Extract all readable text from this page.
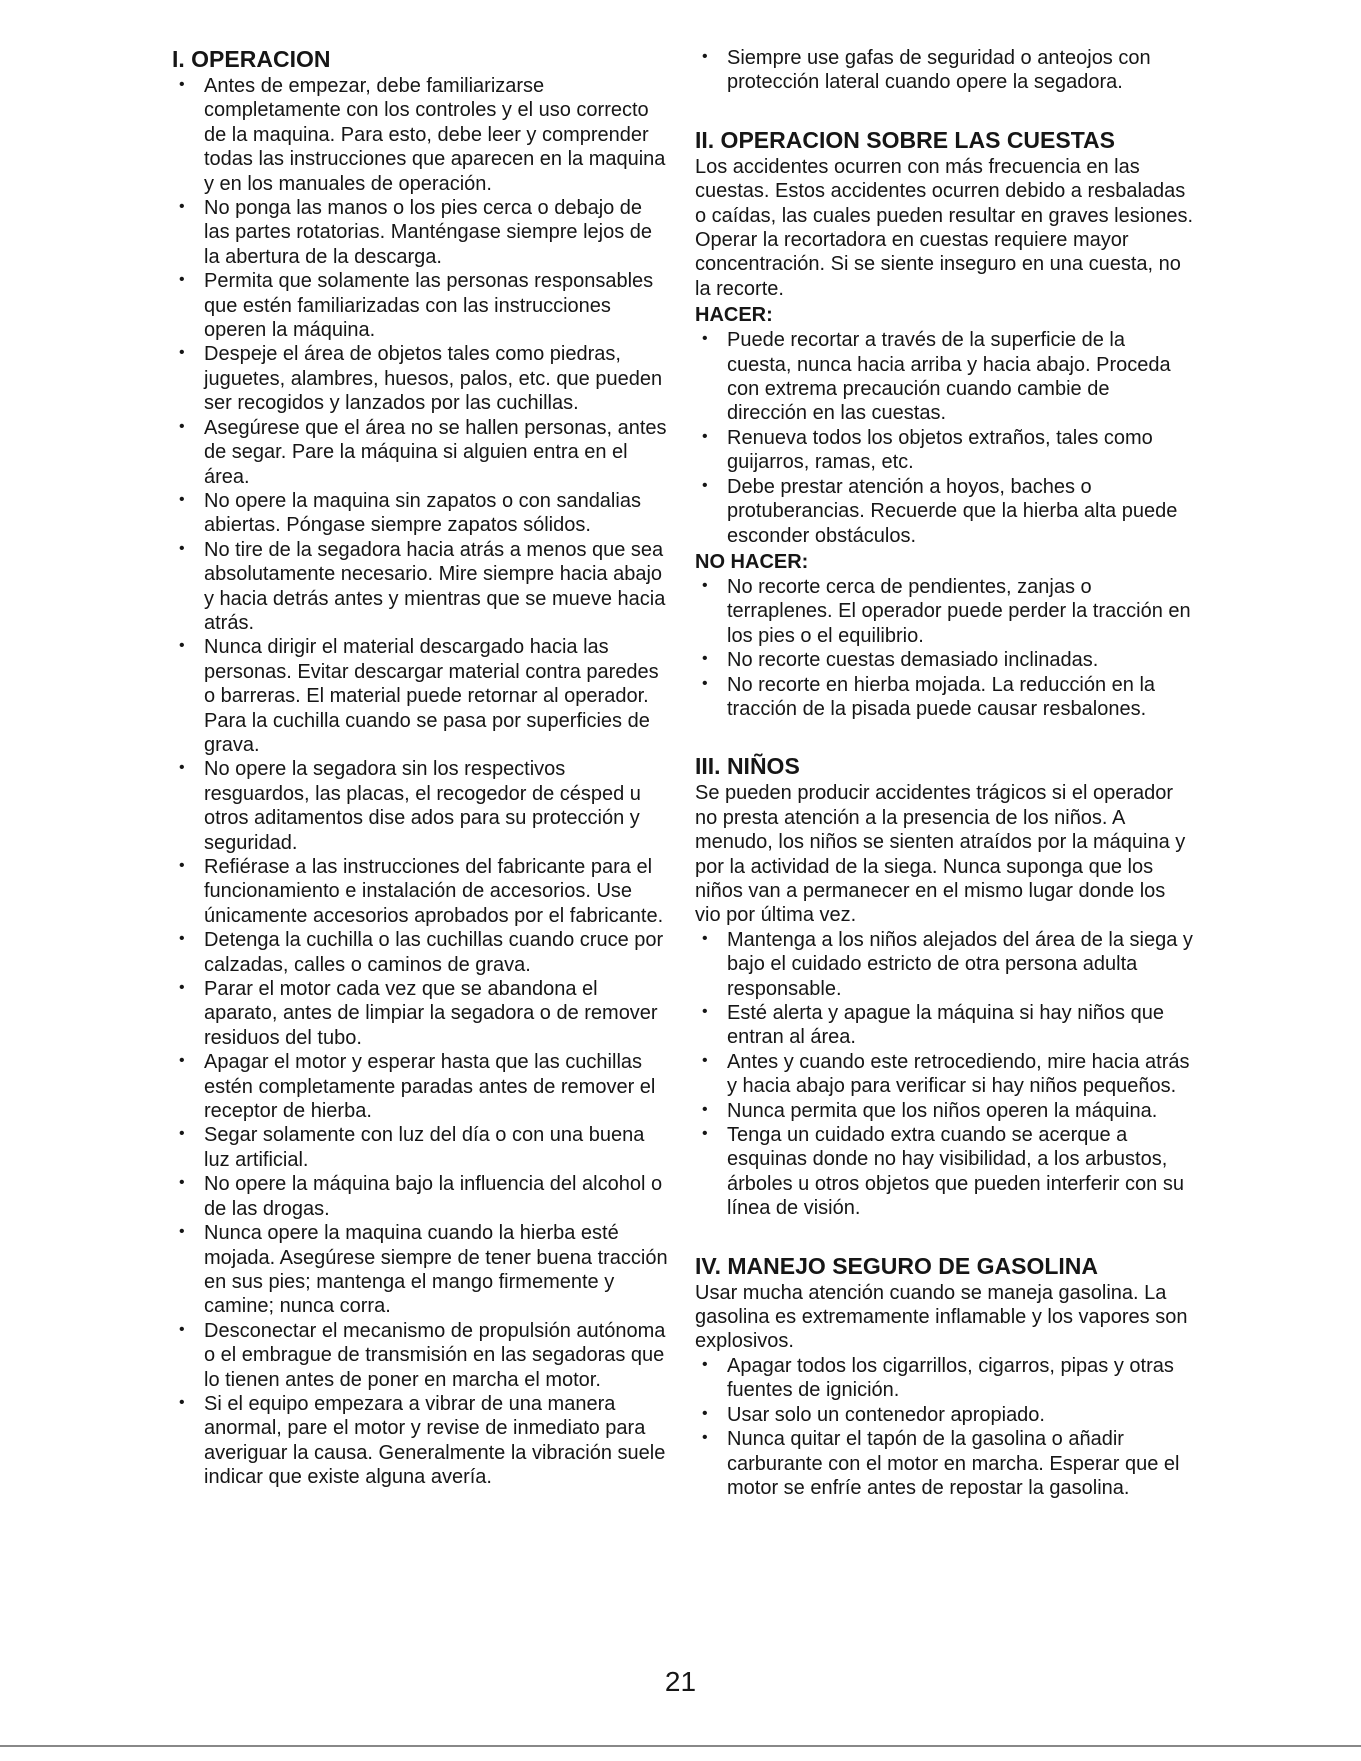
I. OPERACION
• Antes de empezar, debe familiarizarse completamente con los controles y el uso correcto de la maquina. Para esto, debe leer y comprender todas las instrucciones que aparecen en la maquina y en los manuales de operación.
• No ponga las manos o los pies cerca o debajo de las partes rotatorias. Manténgase siempre lejos de la abertura de la descarga.
• Permita que solamente las personas responsables que estén familiarizadas con las instrucciones operen la máquina.
• Despeje el área de objetos tales como piedras, juguetes, alambres, huesos, palos, etc. que pueden ser recogidos y lanzados por las cuchillas.
• Asegúrese que el área no se hallen personas, antes de segar. Pare la máquina si alguien entra en el área.
• No opere la maquina sin zapatos o con sandalias abiertas. Póngase siempre zapatos sólidos.
• No tire de la segadora hacia atrás a menos que sea absolutamente necesario. Mire siempre hacia abajo y hacia detrás antes y mientras que se mueve hacia atrás.
• Nunca dirigir el material descargado hacia las personas. Evitar descargar material contra paredes o barreras. El material puede retornar al operador. Para la cuchilla cuando se pasa por superficies de grava.
• No opere la segadora sin los respectivos resguardos, las placas, el recogedor de césped u otros aditamentos dise ados para su protección y seguridad.
• Refiérase a las instrucciones del fabricante para el funcionamiento e instalación de accesorios. Use únicamente accesorios aprobados por el fabricante.
• Detenga la cuchilla o las cuchillas cuando cruce por calzadas, calles o caminos de grava.
• Parar el motor cada vez que se abandona el aparato, antes de limpiar la segadora o de remover residuos del tubo.
• Apagar el motor y esperar hasta que las cuchillas estén completamente paradas antes de remover el receptor de hierba.
• Segar solamente con luz del día o con una buena luz artificial.
• No opere la máquina bajo la influencia del alcohol o de las drogas.
• Nunca opere la maquina cuando la hierba esté mojada. Asegúrese siempre de tener buena tracción en sus pies; mantenga el mango firmemente y camine; nunca corra.
• Desconectar el mecanismo de propulsión autónoma o el embrague de transmisión en las segadoras que lo tienen antes de poner en marcha el motor.
• Si el equipo empezara a vibrar de una manera anormal, pare el motor y revise de inmediato para averiguar la causa. Generalmente la vibración suele indicar que existe alguna avería.
• Siempre use gafas de seguridad o anteojos con protección lateral cuando opere la segadora.
II. OPERACION SOBRE LAS CUESTAS

Los accidentes ocurren con más frecuencia en las cuestas. Estos accidentes ocurren debido a resbaladas o caídas, las cuales pueden resultar en graves lesiones. Operar la recortadora en cuestas requiere mayor concentración. Si se siente inseguro en una cuesta, no la recorte.

HACER:
• Puede recortar a través de la superficie de la cuesta, nunca hacia arriba y hacia abajo. Proceda con extrema precaución cuando cambie de dirección en las cuestas.
• Renueva todos los objetos extraños, tales como guijarros, ramas, etc.
• Debe prestar atención a hoyos, baches o protuberancias. Recuerde que la hierba alta puede esconder obstáculos.
NO HACER:
• No recorte cerca de pendientes, zanjas o terraplenes. El operador puede perder la tracción en los pies o el equilibrio.
• No recorte cuestas demasiado inclinadas.
• No recorte en hierba mojada. La reducción en la tracción de la pisada puede causar resbalones.
III. NIÑOS

Se pueden producir accidentes trágicos si el operador no presta atención a la presencia de los niños. A menudo, los niños se sienten atraídos por la máquina y por la actividad de la siega. Nunca suponga que los niños van a permanecer en el mismo lugar donde los vio por última vez.

• Mantenga a los niños alejados del área de la siega y bajo el cuidado estricto de otra persona adulta responsable.
• Esté alerta y apague la máquina si hay niños que entran al área.
• Antes y cuando este retrocediendo, mire hacia atrás y hacia abajo para verificar si hay niños pequeños.
• Nunca permita que los niños operen la máquina.
• Tenga un cuidado extra cuando se acerque a esquinas donde no hay visibilidad, a los arbustos, árboles u otros objetos que pueden interferir con su línea de visión.
IV. MANEJO SEGURO DE GASOLINA

Usar mucha atención cuando se maneja gasolina. La gasolina es extremamente inflamable y los vapores son explosivos.

• Apagar todos los cigarrillos, cigarros, pipas y otras fuentes de ignición.
• Usar solo un contenedor apropiado.
• Nunca quitar el tapón de la gasolina o añadir carburante con el motor en marcha. Esperar que el motor se enfríe antes de repostar la gasolina.
21
